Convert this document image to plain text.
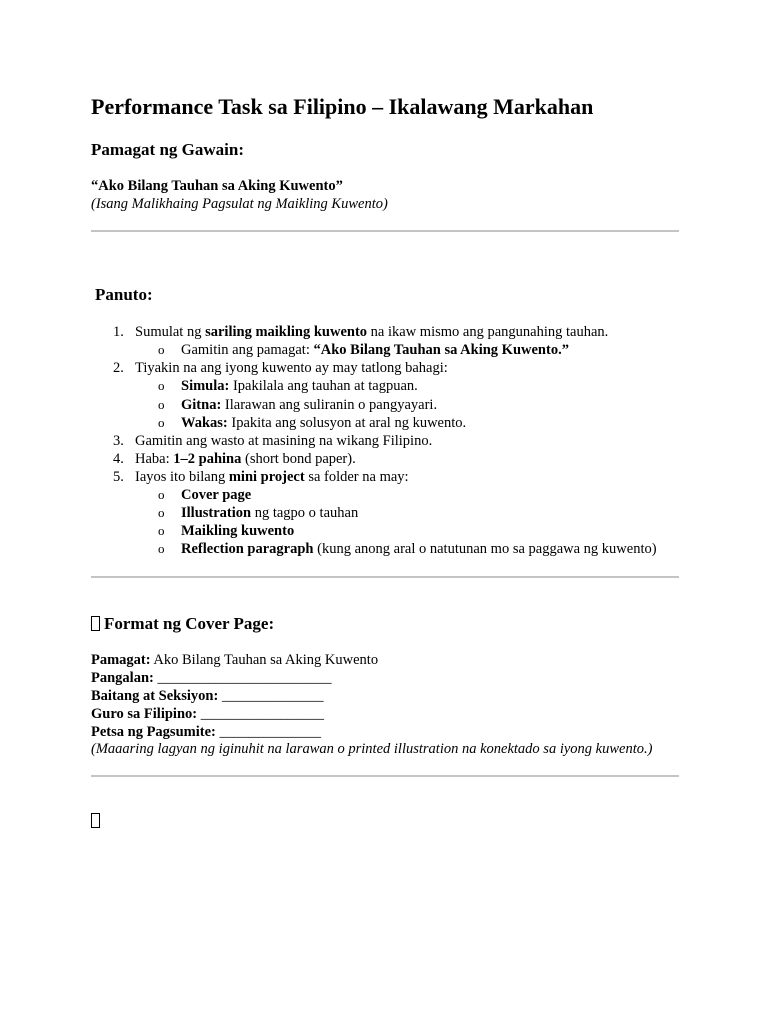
Performance Task sa Filipino – Ikalawang Markahan
Pamagat ng Gawain:
“Ako Bilang Tauhan sa Aking Kuwento”
(Isang Malikhaing Pagsulat ng Maikling Kuwento)
Panuto:
1. Sumulat ng sariling maikling kuwento na ikaw mismo ang pangunahing tauhan.
o Gamitin ang pamagat: “Ako Bilang Tauhan sa Aking Kuwento.”
2. Tiyakin na ang iyong kuwento ay may tatlong bahagi:
o Simula: Ipakilala ang tauhan at tagpuan.
o Gitna: Ilarawan ang suliranin o pangyayari.
o Wakas: Ipakita ang solusyon at aral ng kuwento.
3. Gamitin ang wasto at masining na wikang Filipino.
4. Haba: 1–2 pahina (short bond paper).
5. Iayos ito bilang mini project sa folder na may:
o Cover page
o Illustration ng tagpo o tauhan
o Maikling kuwento
o Reflection paragraph (kung anong aral o natutunan mo sa paggawa ng kuwento)
Format ng Cover Page:
Pamagat: Ako Bilang Tauhan sa Aking Kuwento
Pangalan: ________________________
Baitang at Seksiyon: ______________
Guro sa Filipino: _________________
Petsa ng Pagsumite: ______________
(Maaaring lagyan ng iginuhit na larawan o printed illustration na konektado sa iyong kuwento.)
